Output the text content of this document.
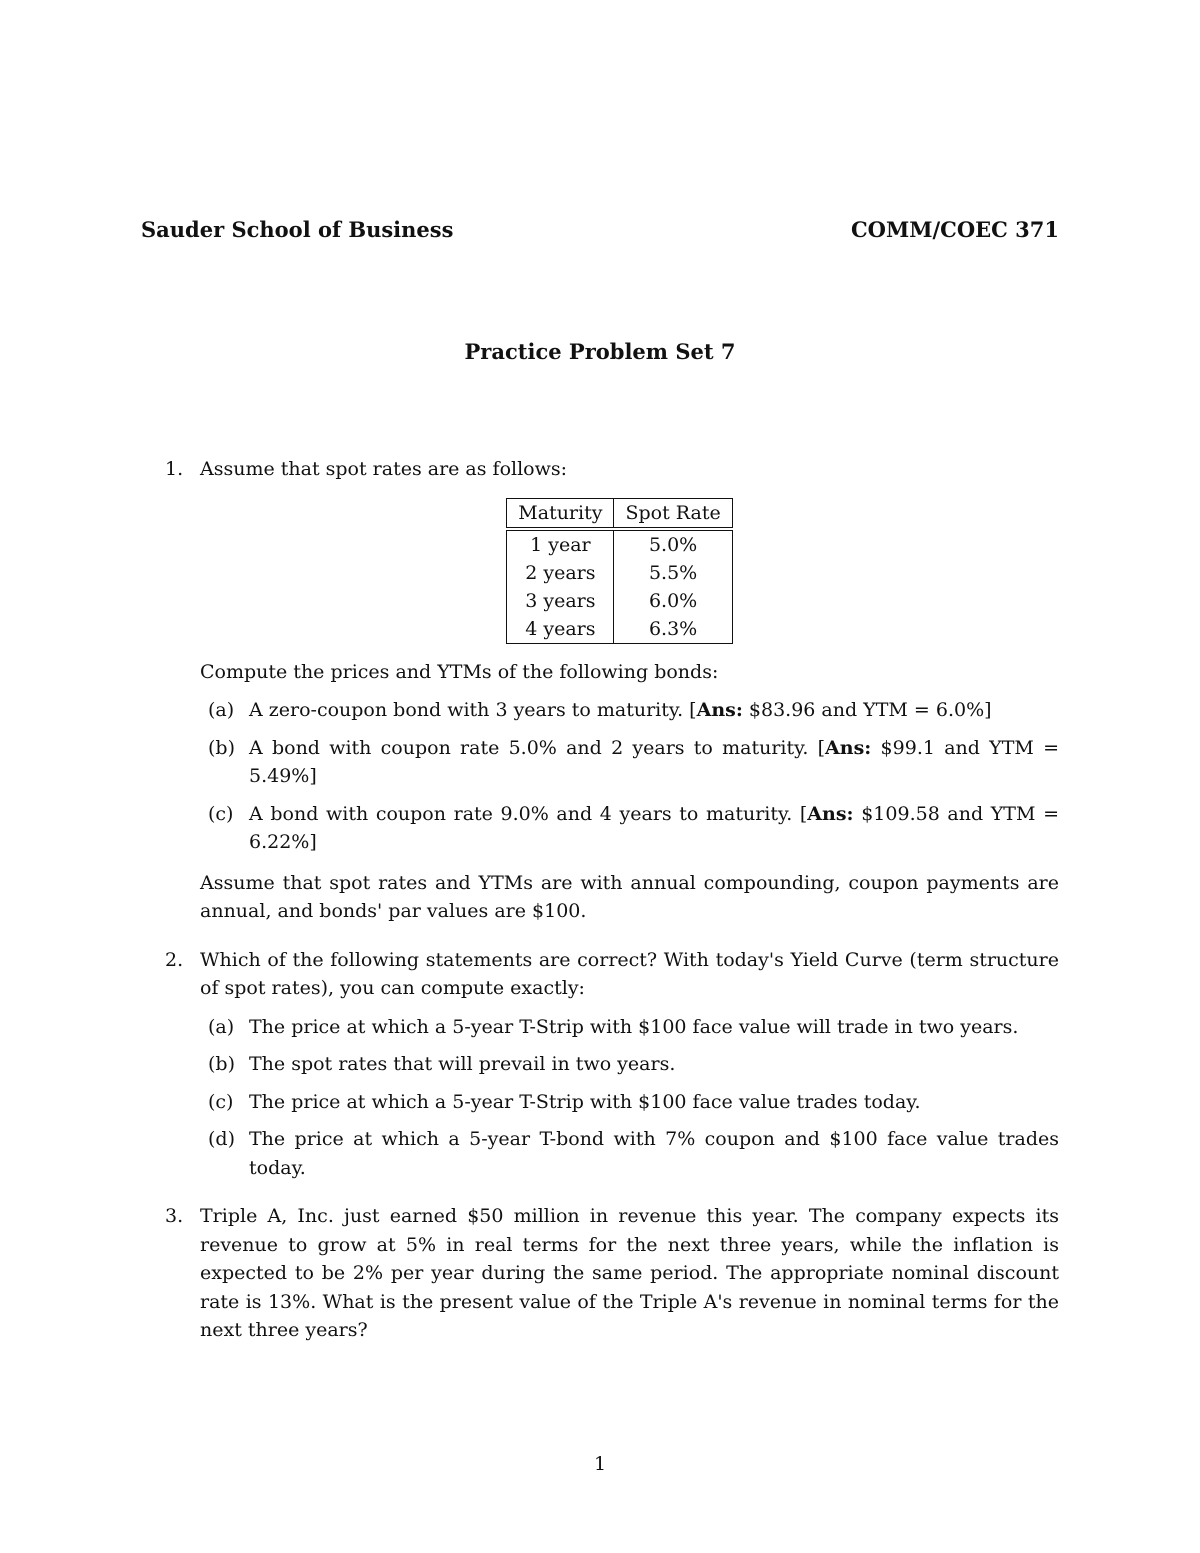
Sauder School of Business	COMM/COEC 371
Practice Problem Set 7
1. Assume that spot rates are as follows:

Maturity	Spot Rate
1 year	5.0%
2 years	5.5%
3 years	6.0%
4 years	6.3%

Compute the prices and YTMs of the following bonds:

(a) A zero-coupon bond with 3 years to maturity. [Ans: $83.96 and YTM = 6.0%]
(b) A bond with coupon rate 5.0% and 2 years to maturity. [Ans: $99.1 and YTM = 5.49%]
(c) A bond with coupon rate 9.0% and 4 years to maturity. [Ans: $109.58 and YTM = 6.22%]

Assume that spot rates and YTMs are with annual compounding, coupon payments are annual, and bonds' par values are $100.

2. Which of the following statements are correct? With today's Yield Curve (term structure of spot rates), you can compute exactly:

(a) The price at which a 5-year T-Strip with $100 face value will trade in two years.
(b) The spot rates that will prevail in two years.
(c) The price at which a 5-year T-Strip with $100 face value trades today.
(d) The price at which a 5-year T-bond with 7% coupon and $100 face value trades today.
3. Triple A, Inc. just earned $50 million in revenue this year. The company expects its revenue to grow at 5% in real terms for the next three years, while the inflation is expected to be 2% per year during the same period. The appropriate nominal discount rate is 13%. What is the present value of the Triple A's revenue in nominal terms for the next three years?

1
